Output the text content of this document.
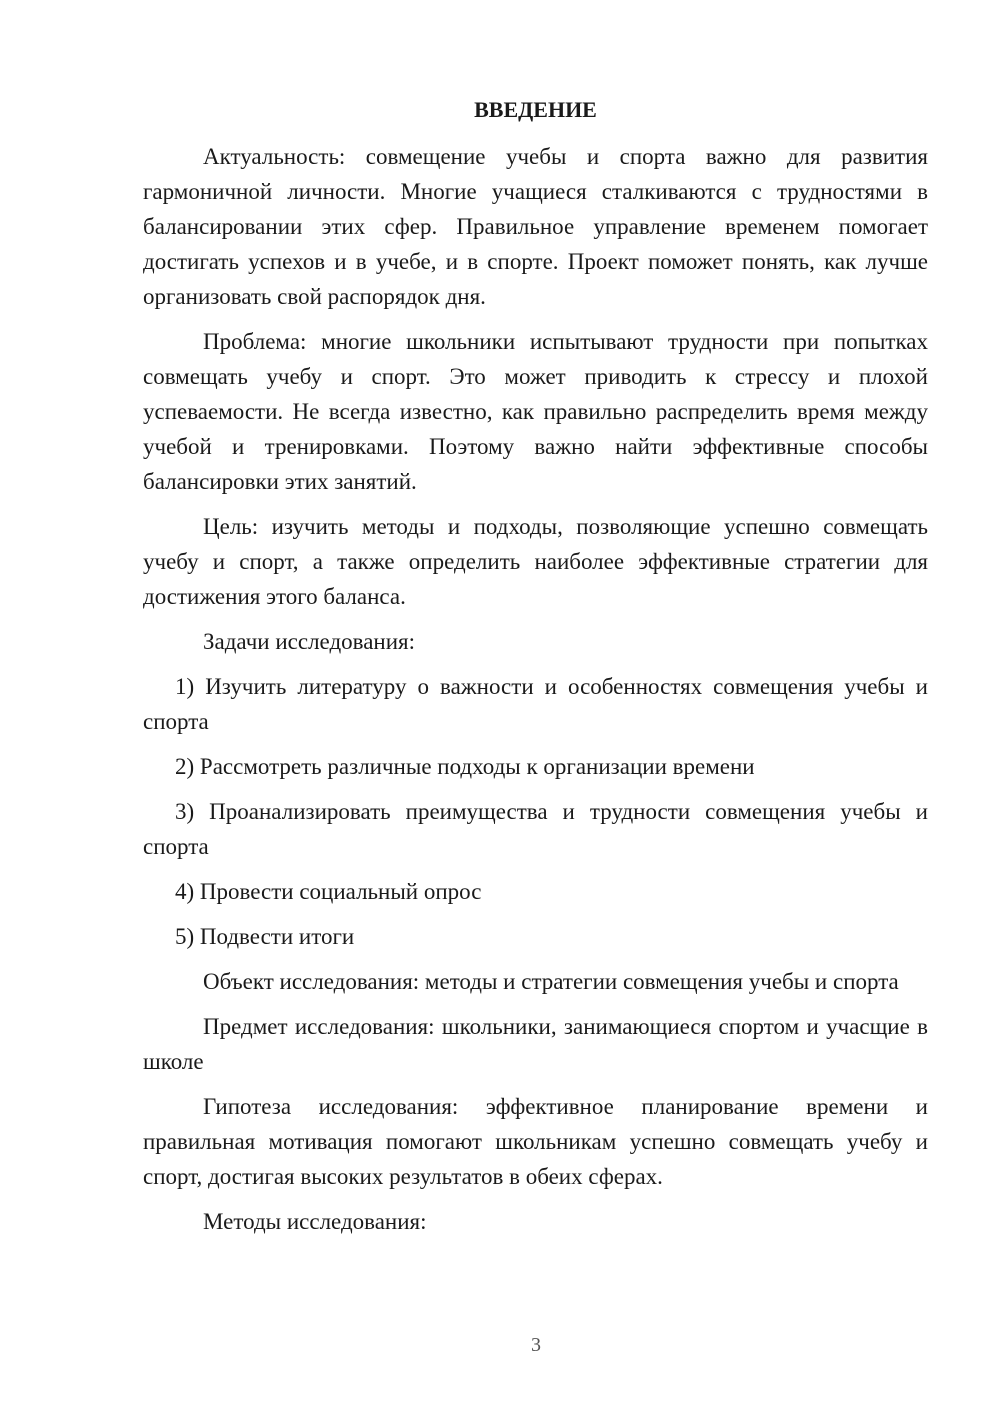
ВВЕДЕНИЕ

Актуальность: совмещение учебы и спорта важно для развития гармоничной личности. Многие учащиеся сталкиваются с трудностями в балансировании этих сфер. Правильное управление временем помогает достигать успехов и в учебе, и в спорте. Проект поможет понять, как лучше организовать свой распорядок дня.

Проблема: многие школьники испытывают трудности при попытках совмещать учебу и спорт. Это может приводить к стрессу и плохой успеваемости. Не всегда известно, как правильно распределить время между учебой и тренировками. Поэтому важно найти эффективные способы балансировки этих занятий.

Цель: изучить методы и подходы, позволяющие успешно совмещать учебу и спорт, а также определить наиболее эффективные стратегии для достижения этого баланса.

Задачи исследования:

1) Изучить литературу о важности и особенностях совмещения учебы и спорта

2) Рассмотреть различные подходы к организации времени

3) Проанализировать преимущества и трудности совмещения учебы и спорта

4) Провести социальный опрос

5) Подвести итоги

Объект исследования: методы и стратегии совмещения учебы и спорта

Предмет исследования: школьники, занимающиеся спортом и учасщие в школе

Гипотеза исследования: эффективное планирование времени и правильная мотивация помогают школьникам успешно совмещать учебу и спорт, достигая высоких результатов в обеих сферах.

Методы исследования:

3
